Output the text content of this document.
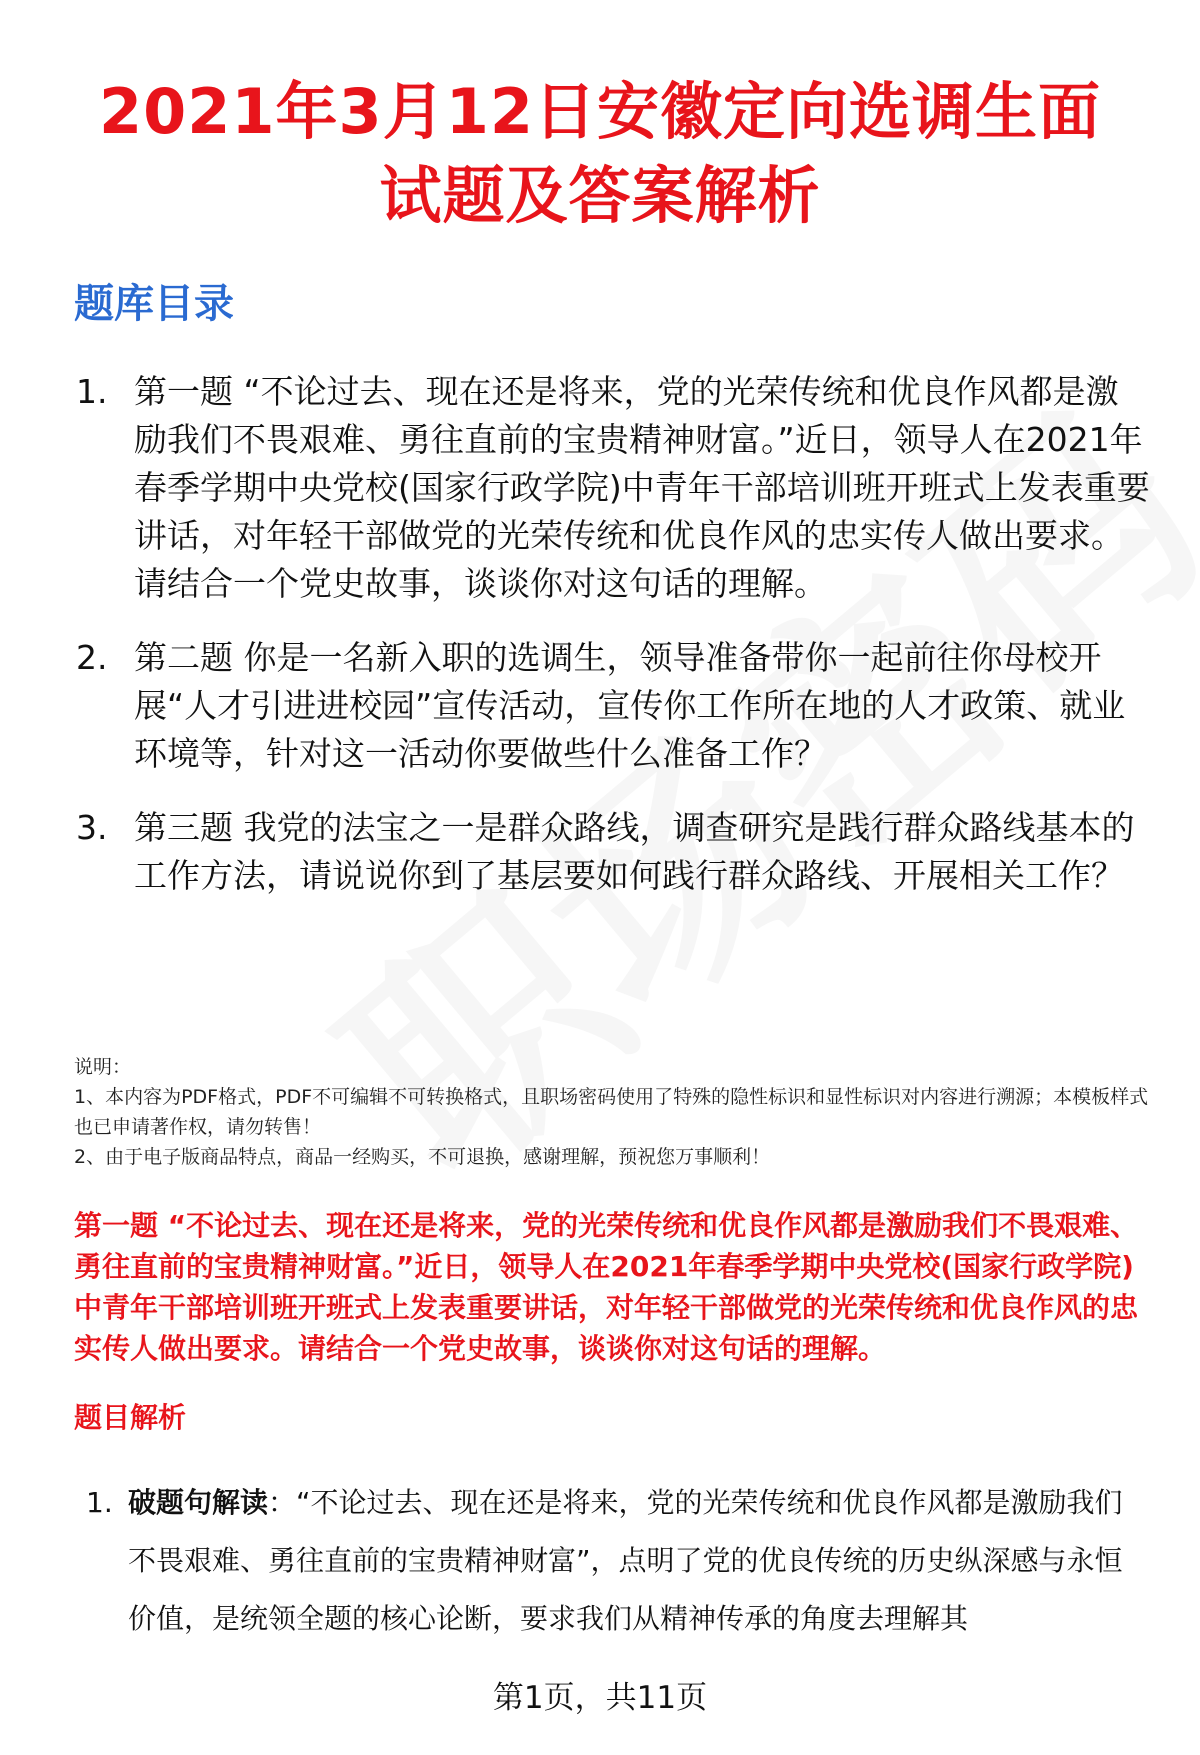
2021年3月12日安徽定向选调生面
试题及答案解析
题库目录
1. 第一题 “不论过去、现在还是将来，党的光荣传统和优良作风都是激励我们不畏艰难、勇往直前的宝贵精神财富。”近日，领导人在2021年春季学期中央党校(国家行政学院)中青年干部培训班开班式上发表重要讲话，对年轻干部做党的光荣传统和优良作风的忠实传人做出要求。请结合一个党史故事，谈谈你对这句话的理解。
2. 第二题 你是一名新入职的选调生，领导准备带你一起前往你母校开展“人才引进进校园”宣传活动，宣传你工作所在地的人才政策、就业环境等，针对这一活动你要做些什么准备工作？
3. 第三题 我党的法宝之一是群众路线，调查研究是践行群众路线基本的工作方法，请说说你到了基层要如何践行群众路线、开展相关工作？
说明：
1、本内容为PDF格式，PDF不可编辑不可转换格式，且职场密码使用了特殊的隐性标识和显性标识对内容进行溯源；本模板样式也已申请著作权，请勿转售！
2、由于电子版商品特点，商品一经购买，不可退换，感谢理解，预祝您万事顺利！
第一题 “不论过去、现在还是将来，党的光荣传统和优良作风都是激励我们不畏艰难、勇往直前的宝贵精神财富。”近日，领导人在2021年春季学期中央党校(国家行政学院)中青年干部培训班开班式上发表重要讲话，对年轻干部做党的光荣传统和优良作风的忠实传人做出要求。请结合一个党史故事，谈谈你对这句话的理解。
题目解析
1. 破题句解读：“不论过去、现在还是将来，党的光荣传统和优良作风都是激励我们不畏艰难、勇往直前的宝贵精神财富”，点明了党的优良传统的历史纵深感与永恒价值，是统领全题的核心论断，要求我们从精神传承的角度去理解其
第1页，共11页
